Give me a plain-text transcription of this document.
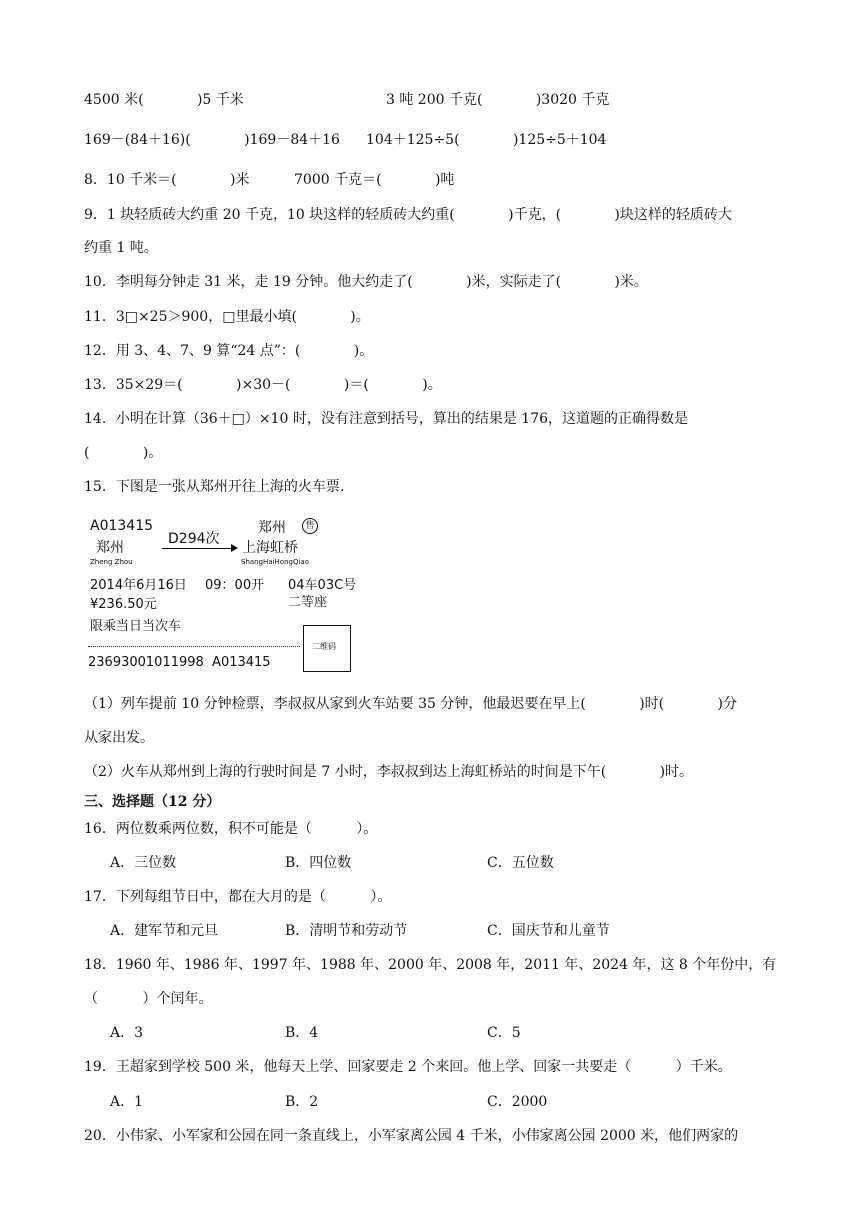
4500 米(            )5 千米	3 吨 200 千克(            )3020 千克
169－(84＋16)(            )169－84＋16 104＋125÷5(            )125÷5＋104
8．10 千米＝(            )米          7000 千克＝(            )吨
9．1 块轻质砖大约重 20 千克，10 块这样的轻质砖大约重(            )千克，(            )块这样的轻质砖大
约重 1 吨。
10．李明每分钟走 31 米，走 19 分钟。他大约走了(            )米，实际走了(            )米。
11．3□×25＞900，□里最小填(            )。
12．用 3、4、7、9 算“24 点”：(            )。
13．35×29＝(            )×30－(            )＝(            )。
14．小明在计算（36＋□）×10 时，没有注意到括号，算出的结果是 176，这道题的正确得数是
(            )。
15．下图是一张从郑州开往上海的火车票.
A013415
郑州
Zheng Zhou
D294次
郑州	售
上海虹桥
ShangHaiHongQiao
2014年6月16日 09：00开 04车03C号
¥236.50元	二等座
限乘当日当次车
23693001011998  A013415
二维码
（1）列车提前 10 分钟检票，李叔叔从家到火车站要 35 分钟，他最迟要在早上(            )时(            )分
从家出发。
（2）火车从郑州到上海的行驶时间是 7 小时，李叔叔到达上海虹桥站的时间是下午(            )时。
三、选择题（12 分）
16．两位数乘两位数，积不可能是（          ）。
A．三位数	B．四位数	C．五位数
17．下列每组节日中，都在大月的是（          ）。
A．建军节和元旦	B．清明节和劳动节	C．国庆节和儿童节
18．1960 年、1986 年、1997 年、1988 年、2000 年、2008 年，2011 年、2024 年，这 8 个年份中，有
（          ）个闰年。
A．3	B．4	C．5
19．王超家到学校 500 米，他每天上学、回家要走 2 个来回。他上学、回家一共要走（          ）千米。
A．1	B．2	C．2000
20．小伟家、小军家和公园在同一条直线上，小军家离公园 4 千米，小伟家离公园 2000 米，他们两家的
